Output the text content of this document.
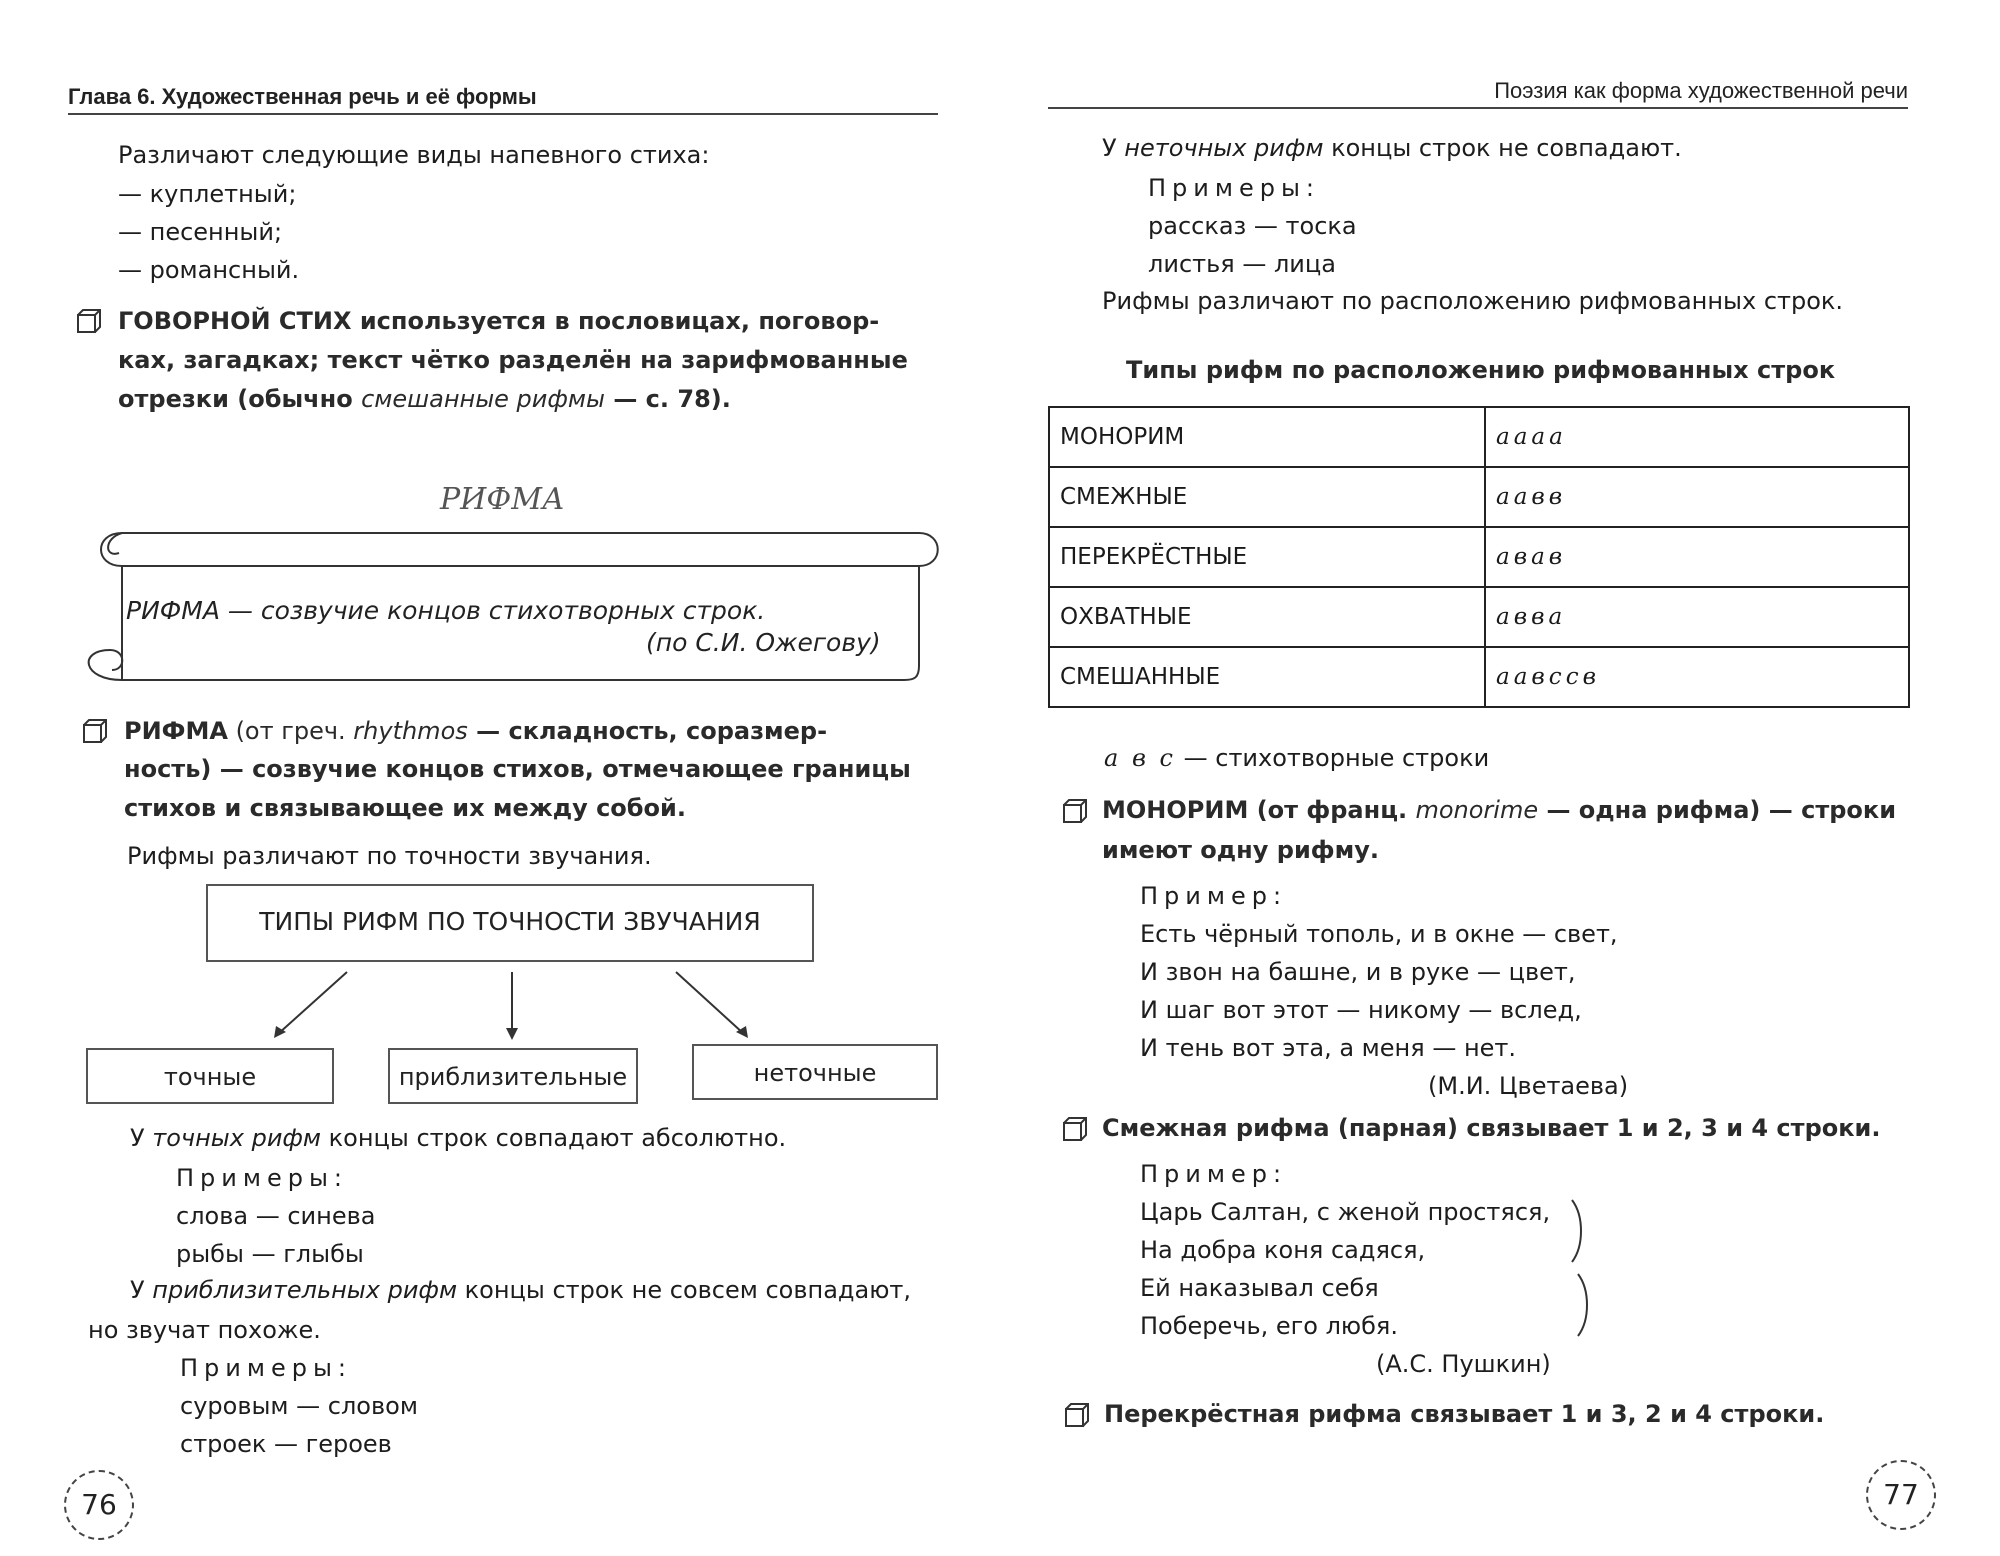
Глава 6. Художественная речь и её формы
Различают следующие виды напевного стиха:
— куплетный;
— песенный;
— романсный.
ГОВОРНОЙ СТИХ используется в пословицах, поговор-
ках, загадках; текст чётко разделён на зарифмованные
отрезки (обычно смешанные рифмы — с. 78).
РИФМА
РИФМА — созвучие концов стихотворных строк.
(по С.И. Ожегову)
РИФМА (от греч. rhythmos — складность, соразмер-
ность) — созвучие концов стихов, отмечающее границы
стихов и связывающее их между собой.
Рифмы различают по точности звучания.
ТИПЫ РИФМ ПО ТОЧНОСТИ ЗВУЧАНИЯ
точные	приблизительные	неточные
У точных рифм концы строк совпадают абсолютно.
Примеры:
слова — синева
рыбы — глыбы
У приблизительных рифм концы строк не совсем совпадают,
но звучат похоже.
Примеры:
суровым — словом
строек — героев
76
Поэзия как форма художественной речи
У неточных рифм концы строк не совпадают.
Примеры:
рассказ — тоска
листья — лица
Рифмы различают по расположению рифмованных строк.
Типы рифм по расположению рифмованных строк
МОНОРИМ	аааа
СМЕЖНЫЕ	аавв
ПЕРЕКРЁСТНЫЕ	авав
ОХВАТНЫЕ	авва
СМЕШАННЫЕ	аавссв
а в с — стихотворные строки
МОНОРИМ (от франц. monorime — одна рифма) — строки
имеют одну рифму.
Пример:
Есть чёрный тополь, и в окне — свет,
И звон на башне, и в руке — цвет,
И шаг вот этот — никому — вслед,
И тень вот эта, а меня — нет.
(М.И. Цветаева)
Смежная рифма (парная) связывает 1 и 2, 3 и 4 строки.
Пример:
Царь Салтан, с женой простяся,
На добра коня садяся,
Ей наказывал себя
Поберечь, его любя.
(А.С. Пушкин)
Перекрёстная рифма связывает 1 и 3, 2 и 4 строки.
77
